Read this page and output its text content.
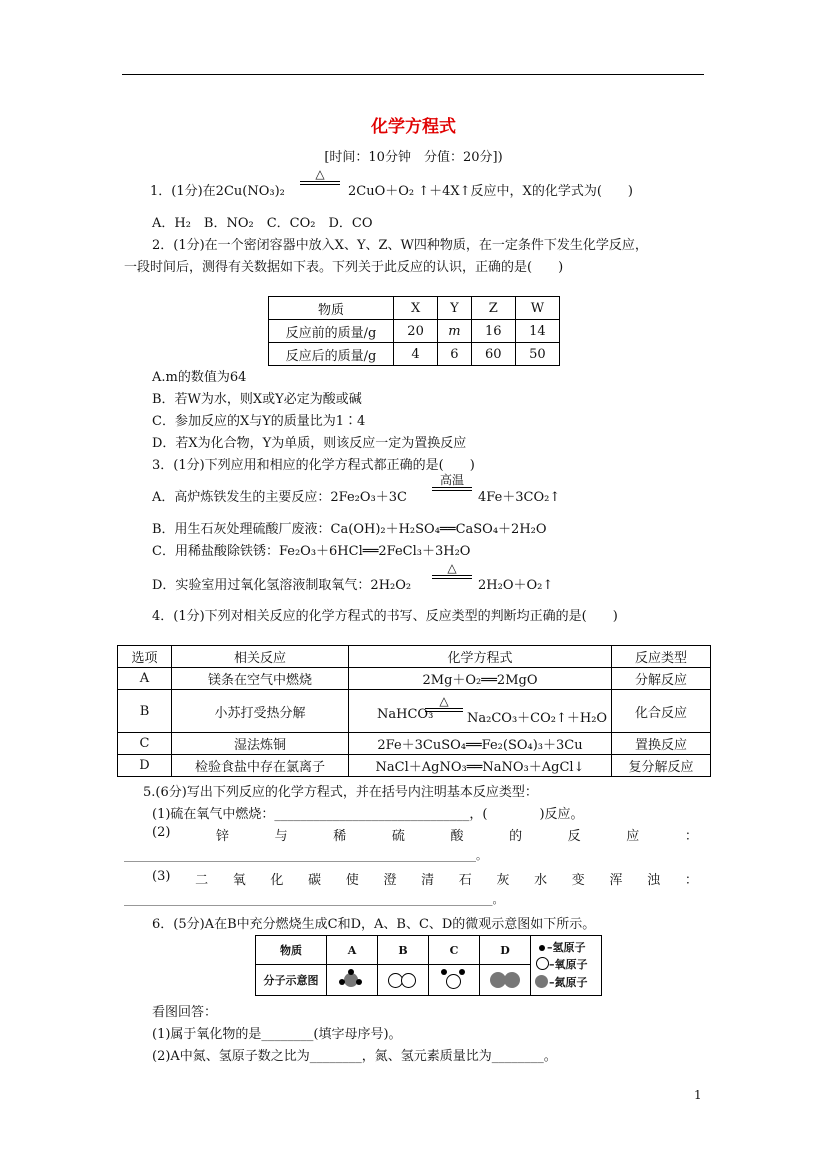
化学方程式
[时间：10分钟　分值：20分])
1．(1分)在2Cu(NO₃)₂
△
2CuO＋O₂ ↑＋4X↑反应中，X的化学式为(　　)
A．H₂　B．NO₂　C．CO₂　D．CO
2．(1分)在一个密闭容器中放入X、Y、Z、W四种物质，在一定条件下发生化学反应，
一段时间后，测得有关数据如下表。下列关于此反应的认识，正确的是(　　)
物质	X	Y	Z	W
反应前的质量/g	20	m	16	14
反应后的质量/g	4	6	60	50
A.m的数值为64
B．若W为水，则X或Y必定为酸或碱
C．参加反应的X与Y的质量比为1∶4
D．若X为化合物，Y为单质，则该反应一定为置换反应
3．(1分)下列应用和相应的化学方程式都正确的是(　　)
A．高炉炼铁发生的主要反应：2Fe₂O₃＋3C
高温
4Fe＋3CO₂↑
B．用生石灰处理硫酸厂废液：Ca(OH)₂＋H₂SO₄══CaSO₄＋2H₂O
C．用稀盐酸除铁锈：Fe₂O₃＋6HCl══2FeCl₃＋3H₂O
D．实验室用过氧化氢溶液制取氧气：2H₂O₂
△
2H₂O＋O₂↑
4．(1分)下列对相关反应的化学方程式的书写、反应类型的判断均正确的是(　　)
选项	相关反应	化学方程式	反应类型
A	镁条在空气中燃烧	2Mg＋O₂══2MgO	分解反应
B	小苏打受热分解	NaHCO₃
△
Na₂CO₃＋CO₂↑＋H₂O	化合反应
C	湿法炼铜	2Fe＋3CuSO₄══Fe₂(SO₄)₃＋3Cu	置换反应
D	检验食盐中存在氯离子	NaCl＋AgNO₃══NaNO₃＋AgCl↓	复分解反应
5.(6分)写出下列反应的化学方程式，并在括号内注明基本反应类型：
(1)硫在氧气中燃烧：______________________________，(　　　　)反应。
(2)	锌	与	稀	硫	酸	的	反	应	：
________________________________________________________________。
(3) 二 氧 化 碳 使 澄 清 石 灰 水 变 浑 浊 ：
___________________________________________________________________。
6．(5分)A在B中充分燃烧生成C和D，A、B、C、D的微观示意图如下所示。
物质	A	B	C	D	–氢原子
–氧原子
–氮原子

分子示意图		

看图回答：
(1)属于氧化物的是________(填字母序号)。
(2)A中氮、氢原子数之比为________，氮、氢元素质量比为________。
1
